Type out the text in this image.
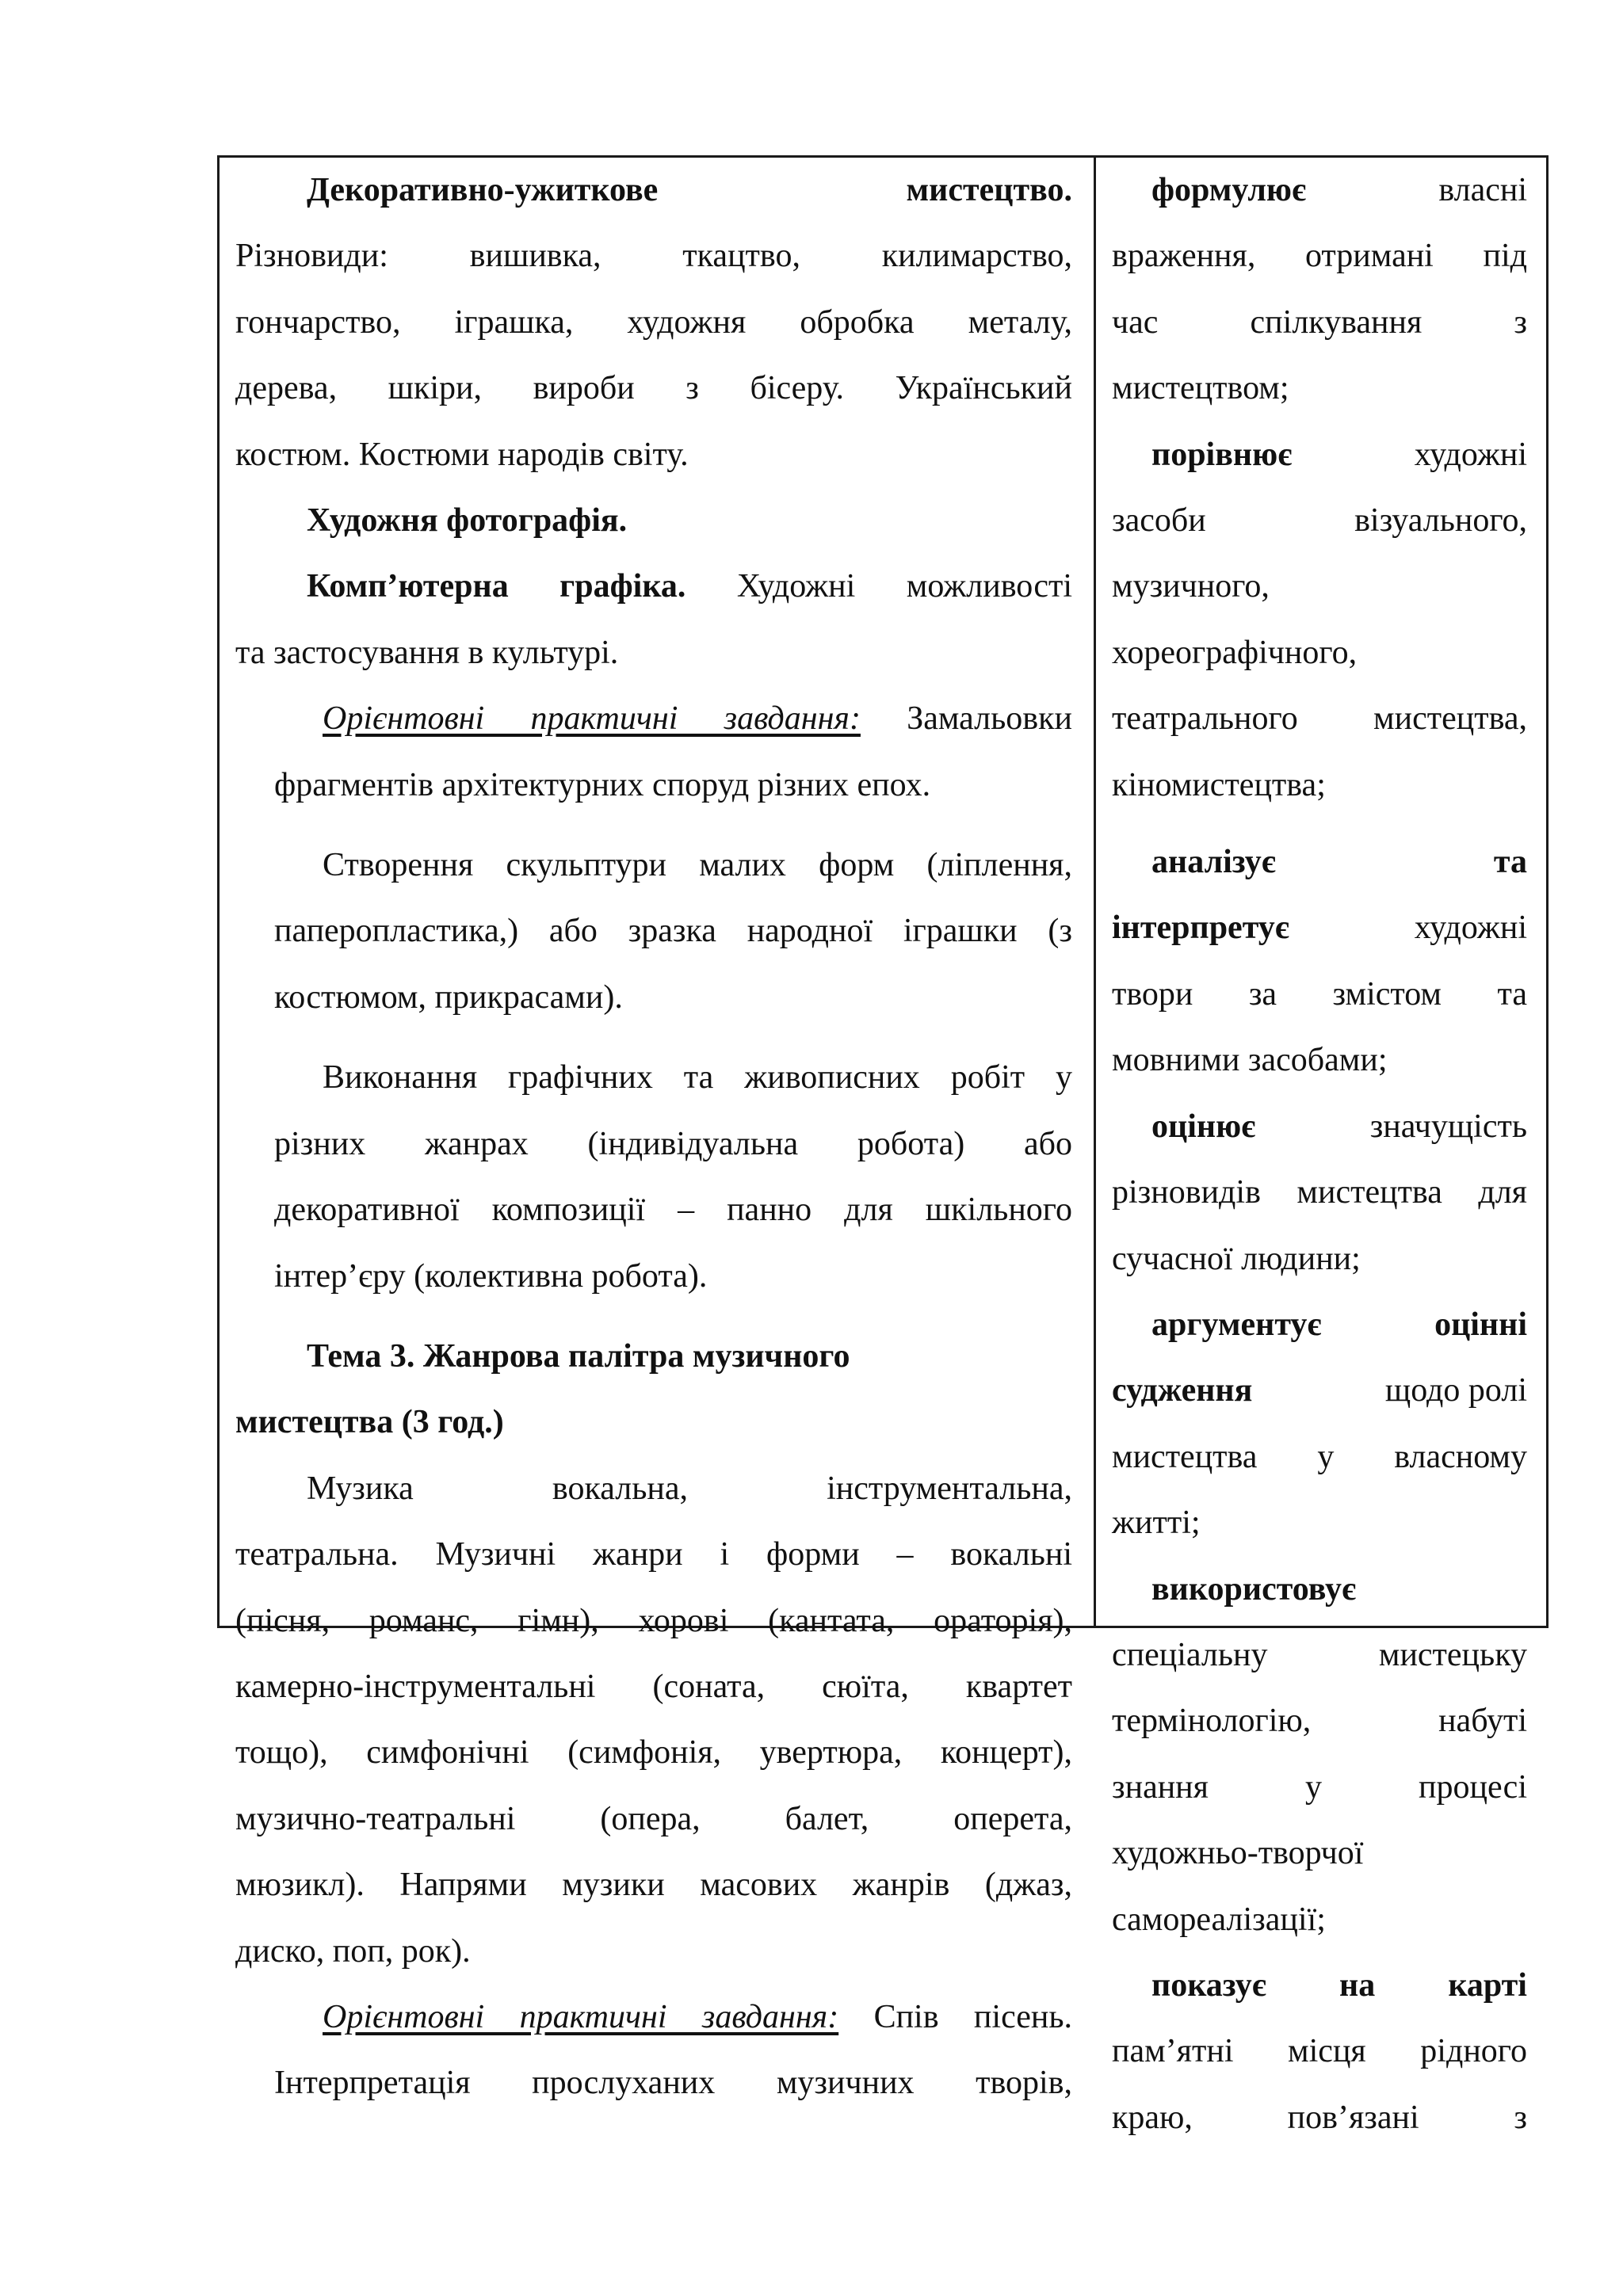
Декоративно-ужиткове	мистецтво.
Різновиди: вишивка, ткацтво, килимарство,
гончарство, іграшка, художня обробка металу,
дерева, шкіри, вироби з бісеру. Український
костюм. Костюми народів світу.
Художня фотографія.
Комп’ютерна графіка. Художні можливості
та застосування в культурі.
Орієнтовні практичні завдання: Замальовки
фрагментів архітектурних споруд різних епох.
Створення скульптури малих форм (ліплення,
паперопластика,) або зразка народної іграшки (з
костюмом, прикрасами).
Виконання графічних та живописних робіт у
різних жанрах (індивідуальна робота) або
декоративної композиції – панно для шкільного
інтер’єру (колективна робота).
Тема 3. Жанрова палітра музичного
мистецтва (3 год.)
Музика	вокальна,	інструментальна,
театральна. Музичні жанри і форми – вокальні
(пісня, романс, гімн), хорові (кантата, ораторія),
камерно-інструментальні (соната, сюїта, квартет
тощо), симфонічні (симфонія, увертюра, концерт),
музично-театральні (опера, балет, оперета,
мюзикл). Напрями музики масових жанрів (джаз,
диско, поп, рок).
Орієнтовні практичні завдання: Спів пісень.
Інтерпретація прослуханих музичних творів,
формулює	власні
враження, отримані під
час спілкування з
мистецтвом;
порівнює	художні
засоби візуального,
музичного,
хореографічного,
театрального мистецтва,
кіномистецтва;
аналізує	та
інтерпретує	художні
твори за змістом та
мовними засобами;
оцінює	значущість
різновидів мистецтва для
сучасної людини;
аргументує	оцінні
судження	щодо ролі
мистецтва у власному
житті;
використовує
спеціальну мистецьку
термінологію, набуті
знання у процесі
художньо-творчої
самореалізації;
показує на карті
пам’ятні місця рідного
краю, пов’язані з
